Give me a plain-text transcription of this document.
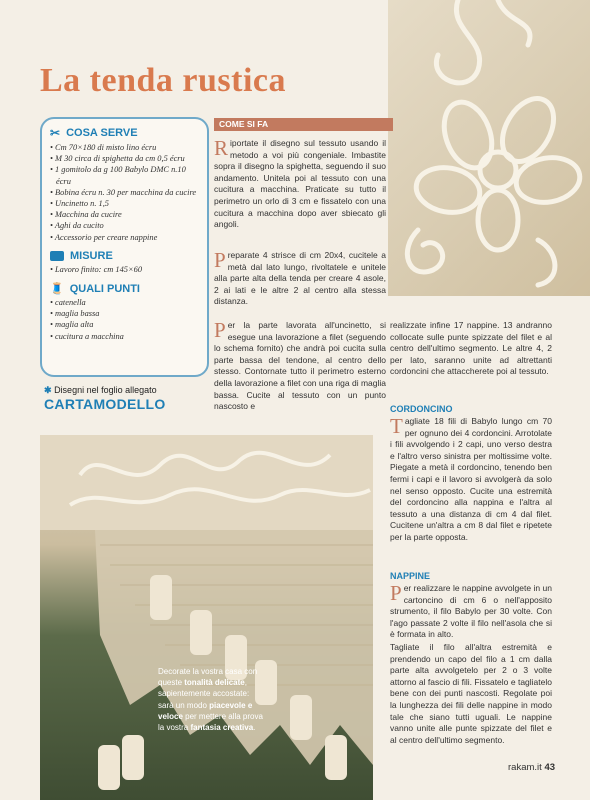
La tenda rustica
✂ COSA SERVE
• Cm 70×180 di misto lino écru
• M 30 circa di spighetta da cm 0,5 écru
• 1 gomitolo da g 100 Babylo DMC n.10 écru
• Bobina écru n. 30 per macchina da cucire
• Uncinetto n. 1,5
• Macchina da cucire
• Aghi da cucito
• Accessorio per creare nappine
MISURE
• Lavoro finito: cm 145×60
🧵 QUALI PUNTI
• catenella
• maglia bassa
• maglia alta
• cucitura a macchina
✱ Disegni nel foglio allegato
CARTAMODELLO
COME SI FA
Riportate il disegno sul tessuto usando il metodo a voi più congeniale. Imbastite sopra il disegno la spighetta, seguendo il suo andamento. Unitela poi al tessuto con una cucitura a macchina. Praticate su tutto il perimetro un orlo di 3 cm e fissatelo con una cucitura a macchina dopo aver sbiecato gli angoli.
Preparate 4 strisce di cm 20x4, cucitele a metà dal lato lungo, rivoltatele e unitele alla parte alta della tenda per creare 4 asole, 2 ai lati e le altre 2 al centro alla stessa distanza.
Per la parte lavorata all'uncinetto, si esegue una lavorazione a filet (seguendo lo schema fornito) che andrà poi cucita sulla parte bassa del tendone, al centro dello stesso. Contornate tutto il perimetro esterno della lavorazione a filet con una riga di maglia bassa. Cucite al tessuto con un punto nascosto e
realizzate infine 17 nappine. 13 andranno collocate sulle punte spizzate del filet e al centro dell'ultimo segmento. Le altre 4, 2 per lato, saranno unite ad altrettanti cordoncini che attaccherete poi al tessuto.
CORDONCINO
Tagliate 18 fili di Babylo lungo cm 70 per ognuno dei 4 cordoncini. Arrotolate i fili avvolgendo i 2 capi, uno verso destra e l'altro verso sinistra per moltissime volte. Piegate a metà il cordoncino, tenendo ben fermi i capi e il lavoro si avvolgerà da solo nel senso opposto. Cucite una estremità del cordoncino alla nappina e l'altra al tessuto a una distanza di cm 4 dal filet. Cucitene un'altra a cm 8 dal filet e ripetete per la parte opposta.
NAPPINE
Per realizzare le nappine avvolgete in un cartoncino di cm 6 o nell'apposito strumento, il filo Babylo per 30 volte. Con l'ago passate 2 volte il filo nell'asola che si è formata in alto.
Tagliate il filo all'altra estremità e prendendo un capo del filo a 1 cm dalla parte alta avvolgetelo per 2 o 3 volte attorno al fascio di fili. Fissatelo e tagliatelo bene con dei punti nascosti. Regolate poi la lunghezza dei fili delle nappine in modo tale che siano tutti uguali. Le nappine vanno unite alle punte spizzate del filet e al centro dell'ultimo segmento.
Decorate la vostra casa con queste tonalità delicate, sapientemente accostate: sarà un modo piacevole e veloce per mettere alla prova la vostra fantasia creativa.
rakam.it 43
